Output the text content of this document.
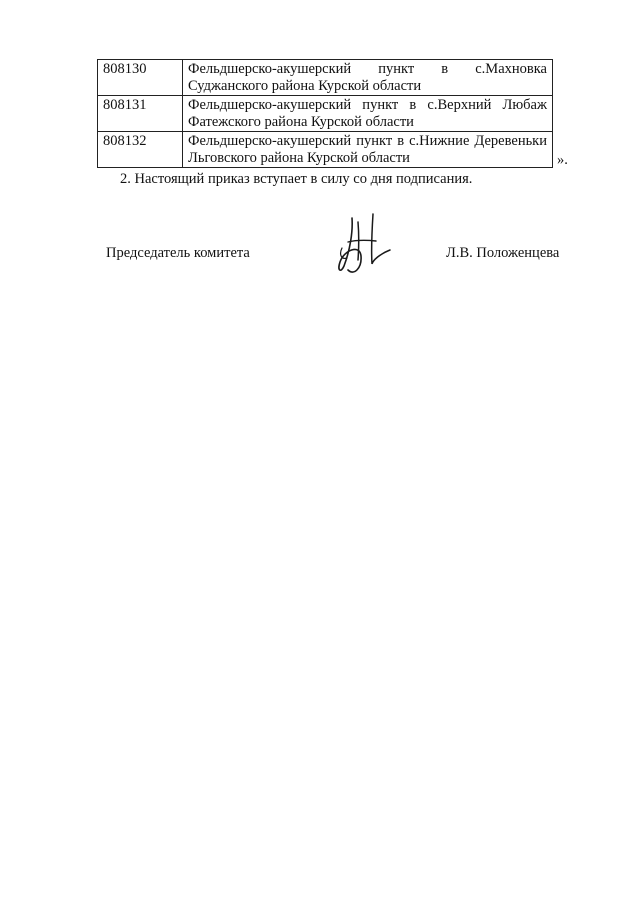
808130	Фельдшерско-акушерский пункт в с.Махновка Суджанского района Курской области
808131	Фельдшерско-акушерский пункт в с.Верхний Любаж Фатежского района Курской области
808132	Фельдшерско-акушерский пункт в с.Нижние Деревеньки Льговского района Курской области	».
2. Настоящий приказ вступает в силу со дня подписания.
Председатель комитета	Л.В. Положенцева
